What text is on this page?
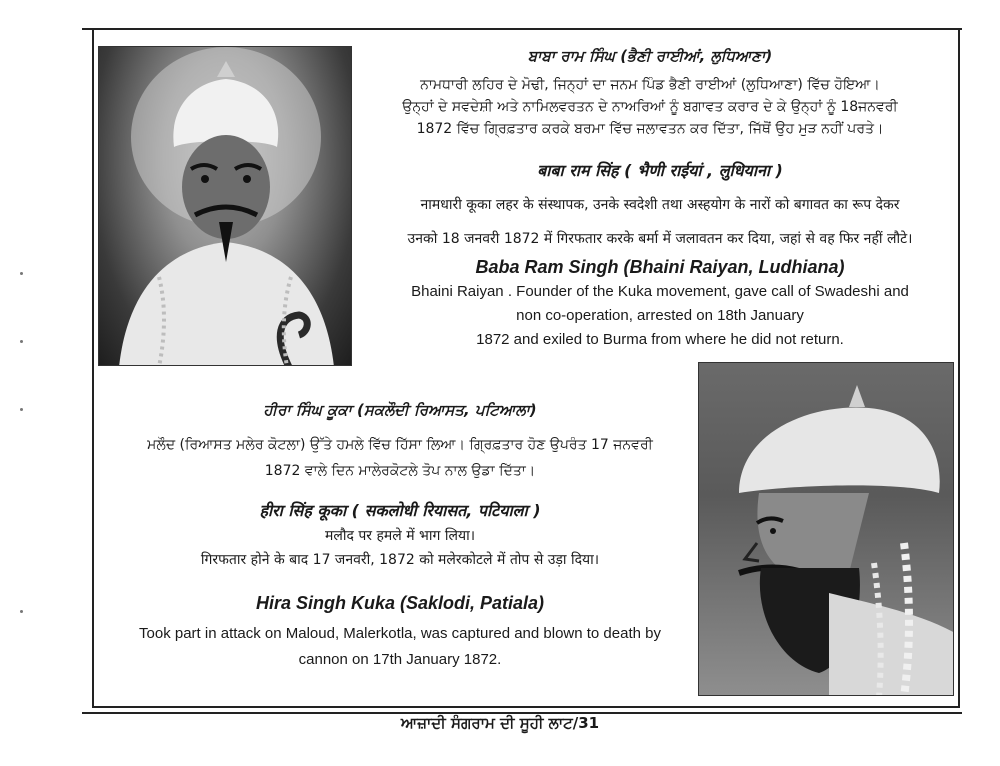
ਬਾਬਾ ਰਾਮ ਸਿੰਘ (ਭੈਣੀ ਰਾਈਆਂ, ਲੁਧਿਆਣਾ)
ਨਾਮਧਾਰੀ ਲਹਿਰ ਦੇ ਮੋਢੀ, ਜਿਨ੍ਹਾਂ ਦਾ ਜਨਮ ਪਿੰਡ ਭੈਣੀ ਰਾਈਆਂ (ਲੁਧਿਆਣਾ) ਵਿੱਚ ਹੋਇਆ।
ਉਨ੍ਹਾਂ ਦੇ ਸਵਦੇਸ਼ੀ ਅਤੇ ਨਾਮਿਲਵਰਤਨ ਦੇ ਨਾਅਰਿਆਂ ਨੂੰ ਬਗਾਵਤ ਕਰਾਰ ਦੇ ਕੇ ਉਨ੍ਹਾਂ ਨੂੰ 18ਜਨਵਰੀ
1872 ਵਿੱਚ ਗ੍ਰਿਫ਼ਤਾਰ ਕਰਕੇ ਬਰਮਾ ਵਿੱਚ ਜਲਾਵਤਨ ਕਰ ਦਿੱਤਾ, ਜਿੱਥੋਂ ਉਹ ਮੁੜ ਨਹੀਂ ਪਰਤੇ।
बाबा राम सिंह ( भैणी राईयां , लुधियाना )
नामधारी कूका लहर के संस्थापक, उनके स्वदेशी तथा अस्हयोग के नारों को बगावत का रूप देकर
उनको 18 जनवरी 1872 में गिरफतार करके बर्मा में जलावतन कर दिया, जहां से वह फिर नहीं लौटे।
Baba Ram Singh (Bhaini Raiyan, Ludhiana)
Bhaini Raiyan . Founder of the Kuka movement, gave call of Swadeshi and
non co-operation, arrested on 18th January
1872 and exiled to Burma from where he did not return.
ਹੀਰਾ ਸਿੰਘ ਕੂਕਾ (ਸਕਲੌਦੀ ਰਿਆਸਤ, ਪਟਿਆਲਾ)
ਮਲੌਦ (ਰਿਆਸਤ ਮਲੇਰ ਕੋਟਲਾ) ਉੱਤੇ ਹਮਲੇ ਵਿੱਚ ਹਿੱਸਾ ਲਿਆ। ਗ੍ਰਿਫ਼ਤਾਰ ਹੋਣ ਉਪਰੰਤ 17 ਜਨਵਰੀ
1872 ਵਾਲੇ ਦਿਨ ਮਾਲੇਰਕੋਟਲੇ ਤੋਪ ਨਾਲ ਉਡਾ ਦਿੱਤਾ।
हीरा सिंह कूका ( सकलोधी रियासत, पटियाला )
मलौद पर हमले में भाग लिया।
गिरफतार होने के बाद 17 जनवरी, 1872 को मलेरकोटले में तोप से उड़ा दिया।
Hira Singh Kuka (Saklodi, Patiala)
Took part in attack on Maloud, Malerkotla, was captured and blown to death by
cannon on 17th January 1872.
ਆਜ਼ਾਦੀ ਸੰਗਰਾਮ ਦੀ ਸੂਹੀ ਲਾਟ/31
